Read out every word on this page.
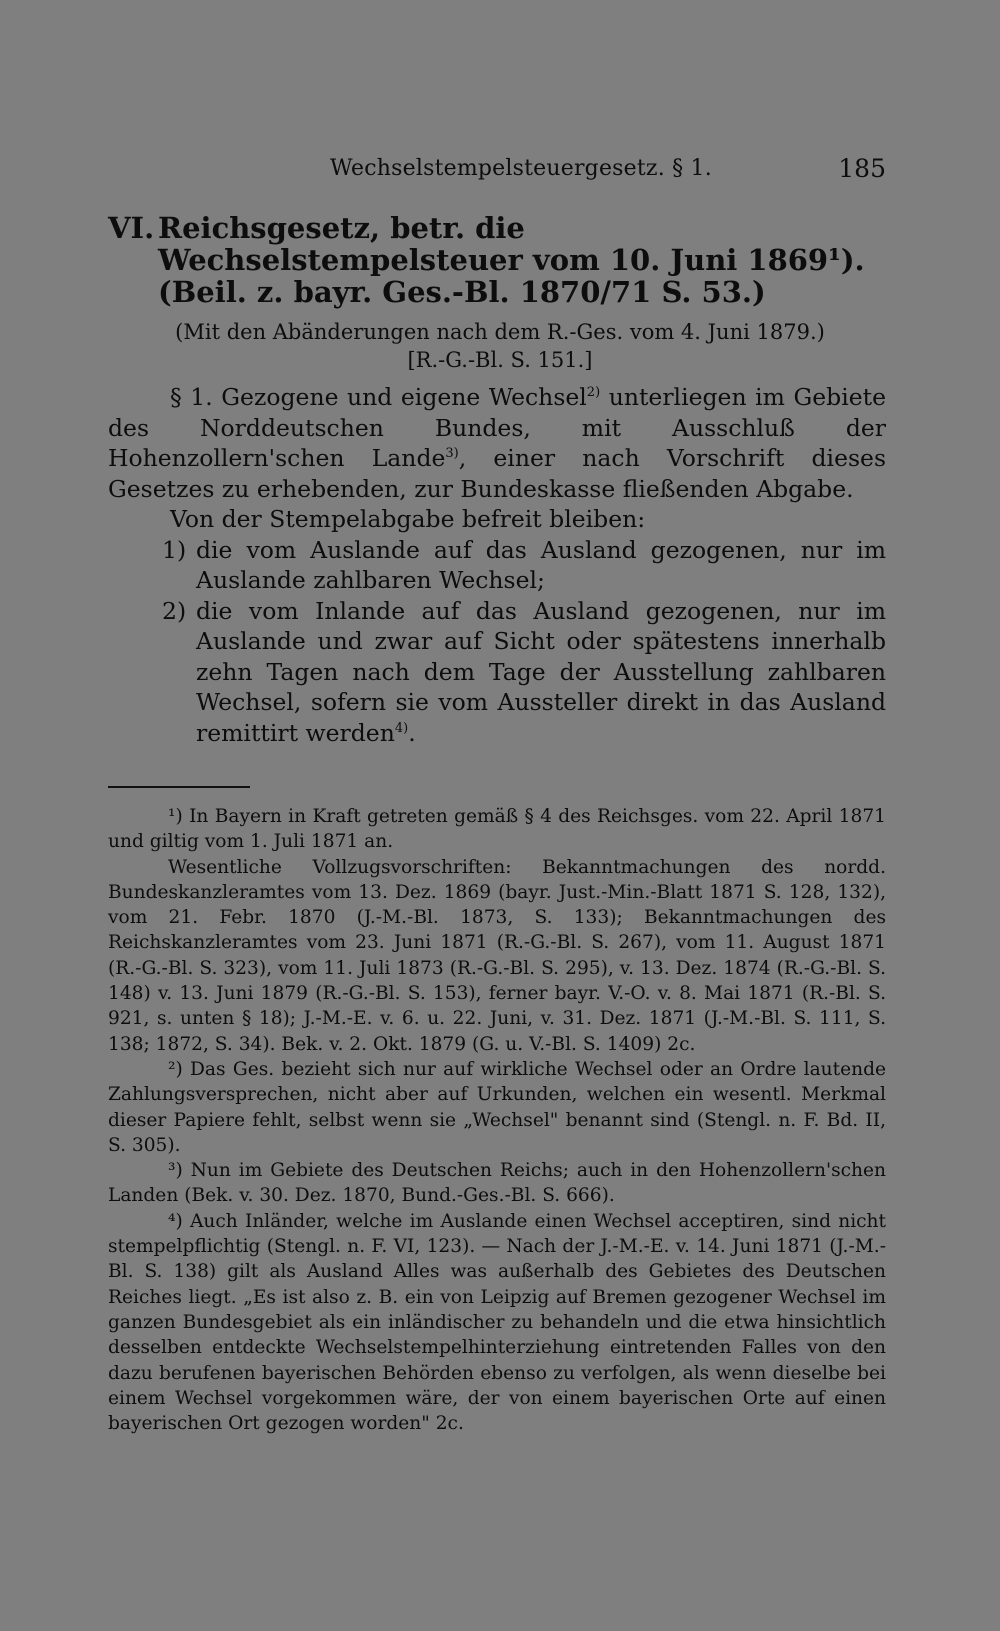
Wechselstempelsteuergesetz. § 1.	185
VI. Reichsgesetz, betr. die Wechselstempelsteuer vom 10. Juni 1869¹). (Beil. z. bayr. Ges.-Bl. 1870/71 S. 53.)
(Mit den Abänderungen nach dem R.-Ges. vom 4. Juni 1879.)
[R.-G.-Bl. S. 151.]

§ 1. Gezogene und eigene Wechsel$^{2)}$ unterliegen im Gebiete des Norddeutschen Bundes, mit Ausschluß der Hohenzollern'schen Lande$^{3)}$, einer nach Vorschrift dieses Gesetzes zu erhebenden, zur Bundeskasse fließenden Abgabe.

Von der Stempelabgabe befreit bleiben:

1) die vom Auslande auf das Ausland gezogenen, nur im Auslande zahlbaren Wechsel;
2) die vom Inlande auf das Ausland gezogenen, nur im Auslande und zwar auf Sicht oder spätestens innerhalb zehn Tagen nach dem Tage der Ausstellung zahlbaren Wechsel, sofern sie vom Aussteller direkt in das Ausland remittirt werden$^{4)}$.

¹) In Bayern in Kraft getreten gemäß § 4 des Reichsges. vom 22. April 1871 und giltig vom 1. Juli 1871 an.

Wesentliche Vollzugsvorschriften: Bekanntmachungen des nordd. Bundeskanzleramtes vom 13. Dez. 1869 (bayr. Just.-Min.-Blatt 1871 S. 128, 132), vom 21. Febr. 1870 (J.-M.-Bl. 1873, S. 133); Bekanntmachungen des Reichskanzleramtes vom 23. Juni 1871 (R.-G.-Bl. S. 267), vom 11. August 1871 (R.-G.-Bl. S. 323), vom 11. Juli 1873 (R.-G.-Bl. S. 295), v. 13. Dez. 1874 (R.-G.-Bl. S. 148) v. 13. Juni 1879 (R.-G.-Bl. S. 153), ferner bayr. V.-O. v. 8. Mai 1871 (R.-Bl. S. 921, s. unten § 18); J.-M.-E. v. 6. u. 22. Juni, v. 31. Dez. 1871 (J.-M.-Bl. S. 111, S. 138; 1872, S. 34). Bek. v. 2. Okt. 1879 (G. u. V.-Bl. S. 1409) 2c.

²) Das Ges. bezieht sich nur auf wirkliche Wechsel oder an Ordre lautende Zahlungsversprechen, nicht aber auf Urkunden, welchen ein wesentl. Merkmal dieser Papiere fehlt, selbst wenn sie „Wechsel" benannt sind (Stengl. n. F. Bd. II, S. 305).

³) Nun im Gebiete des Deutschen Reichs; auch in den Hohenzollern'schen Landen (Bek. v. 30. Dez. 1870, Bund.-Ges.-Bl. S. 666).

⁴) Auch Inländer, welche im Auslande einen Wechsel acceptiren, sind nicht stempelpflichtig (Stengl. n. F. VI, 123). — Nach der J.-M.-E. v. 14. Juni 1871 (J.-M.-Bl. S. 138) gilt als Ausland Alles was außerhalb des Gebietes des Deutschen Reiches liegt. „Es ist also z. B. ein von Leipzig auf Bremen gezogener Wechsel im ganzen Bundesgebiet als ein inländischer zu behandeln und die etwa hinsichtlich desselben entdeckte Wechselstempelhinterziehung eintretenden Falles von den dazu berufenen bayerischen Behörden ebenso zu verfolgen, als wenn dieselbe bei einem Wechsel vorgekommen wäre, der von einem bayerischen Orte auf einen bayerischen Ort gezogen worden" 2c.
